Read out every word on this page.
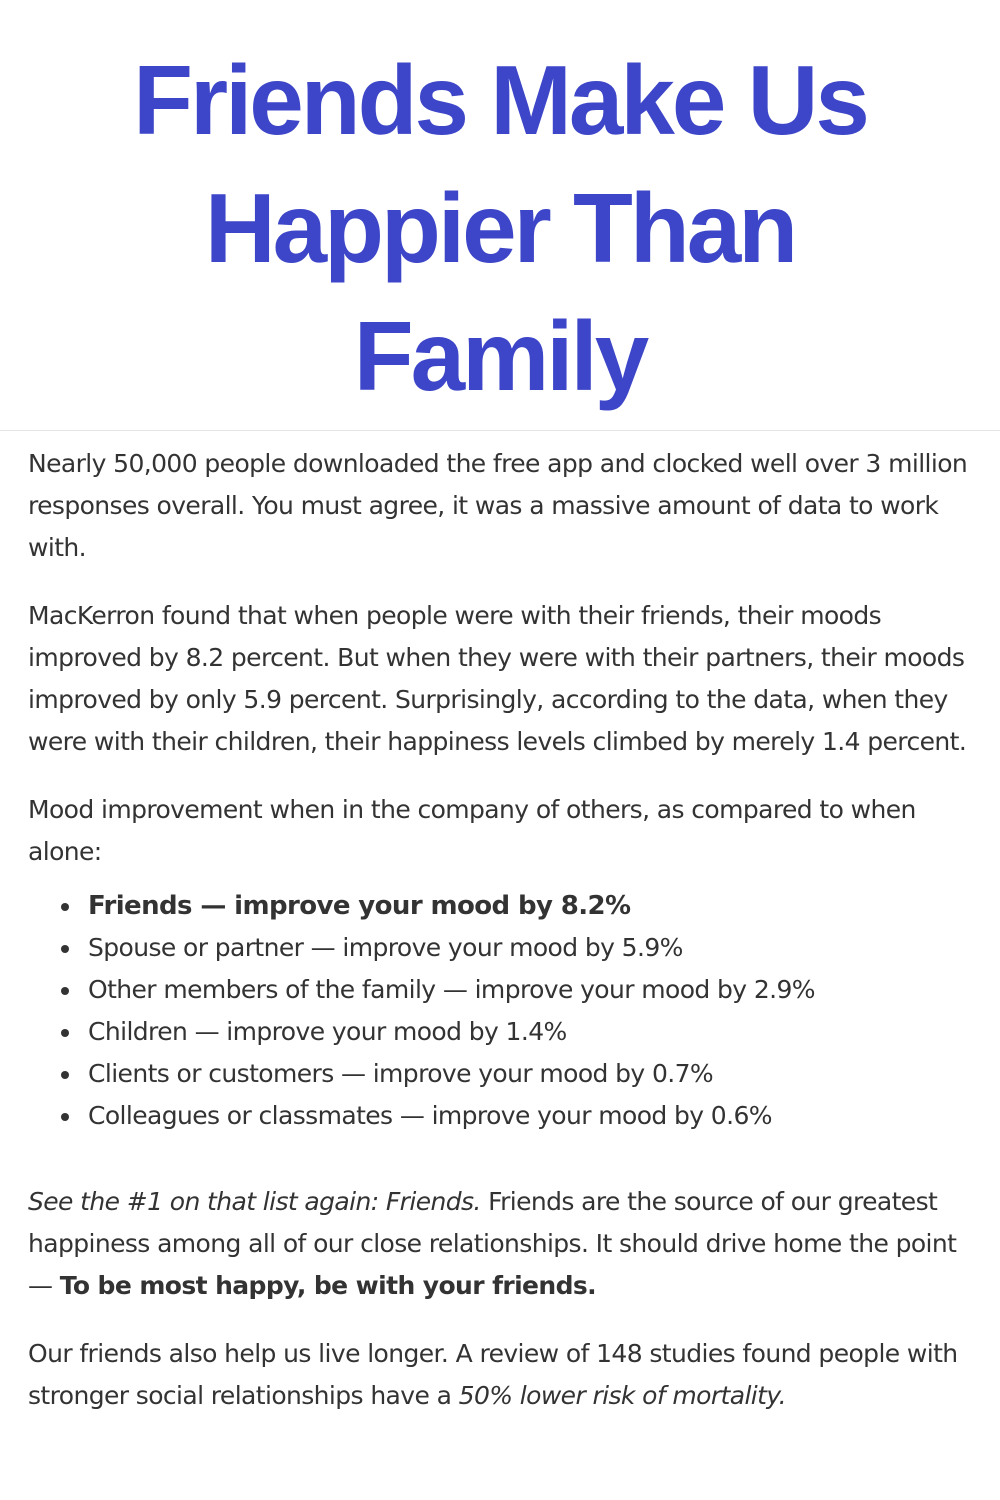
Friends Make Us
Happier Than
Family

Nearly 50,000 people downloaded the free app and clocked well over 3 million responses overall. You must agree, it was a massive amount of data to work with.

MacKerron found that when people were with their friends, their moods improved by 8.2 percent. But when they were with their partners, their moods improved by only 5.9 percent. Surprisingly, according to the data, when they were with their children, their happiness levels climbed by merely 1.4 percent.

Mood improvement when in the company of others, as compared to when alone:

Friends — improve your mood by 8.2%
Spouse or partner — improve your mood by 5.9%
Other members of the family — improve your mood by 2.9%
Children — improve your mood by 1.4%
Clients or customers — improve your mood by 0.7%
Colleagues or classmates — improve your mood by 0.6%

See the #1 on that list again: Friends. Friends are the source of our greatest happiness among all of our close relationships. It should drive home the point — To be most happy, be with your friends.

Our friends also help us live longer. A review of 148 studies found people with stronger social relationships have a 50% lower risk of mortality.
